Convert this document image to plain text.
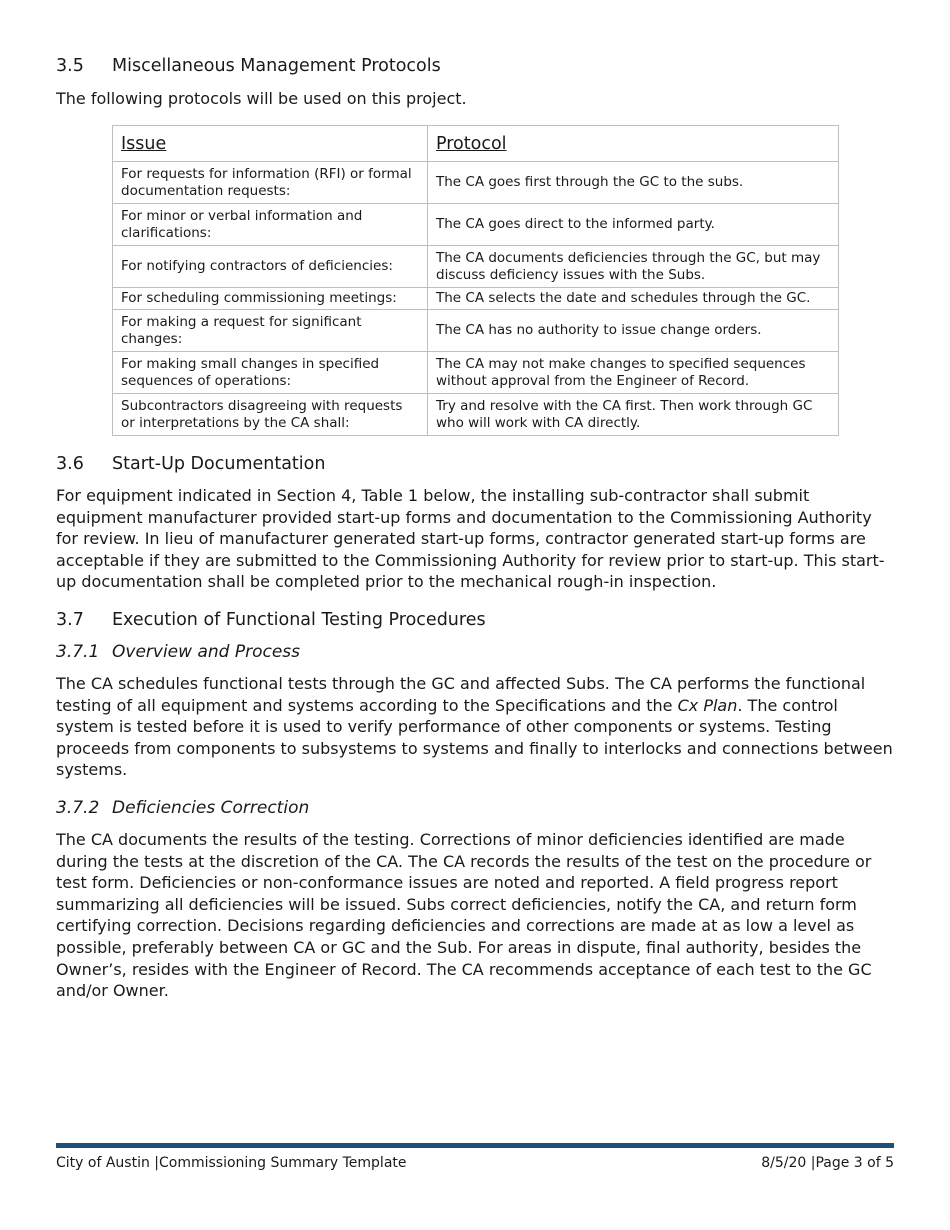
3.5 Miscellaneous Management Protocols
The following protocols will be used on this project.
Issue	Protocol
For requests for information (RFI) or formal documentation requests:	The CA goes first through the GC to the subs.
For minor or verbal information and clarifications:	The CA goes direct to the informed party.
For notifying contractors of deficiencies:	The CA documents deficiencies through the GC, but may discuss deficiency issues with the Subs.
For scheduling commissioning meetings:	The CA selects the date and schedules through the GC.
For making a request for significant changes:	The CA has no authority to issue change orders.
For making small changes in specified sequences of operations:	The CA may not make changes to specified sequences without approval from the Engineer of Record.
Subcontractors disagreeing with requests or interpretations by the CA shall:	Try and resolve with the CA first. Then work through GC who will work with CA directly.
3.6 Start-Up Documentation
For equipment indicated in Section 4, Table 1 below, the installing sub-contractor shall submit equipment manufacturer provided start-up forms and documentation to the Commissioning Authority for review. In lieu of manufacturer generated start-up forms, contractor generated start-up forms are acceptable if they are submitted to the Commissioning Authority for review prior to start-up. This start-up documentation shall be completed prior to the mechanical rough-in inspection.
3.7 Execution of Functional Testing Procedures
3.7.1 Overview and Process
The CA schedules functional tests through the GC and affected Subs. The CA performs the functional testing of all equipment and systems according to the Specifications and the Cx Plan. The control system is tested before it is used to verify performance of other components or systems. Testing proceeds from components to subsystems to systems and finally to interlocks and connections between systems.
3.7.2 Deficiencies Correction
The CA documents the results of the testing. Corrections of minor deficiencies identified are made during the tests at the discretion of the CA. The CA records the results of the test on the procedure or test form. Deficiencies or non-conformance issues are noted and reported. A field progress report summarizing all deficiencies will be issued. Subs correct deficiencies, notify the CA, and return form certifying correction. Decisions regarding deficiencies and corrections are made at as low a level as possible, preferably between CA or GC and the Sub. For areas in dispute, final authority, besides the Owner’s, resides with the Engineer of Record. The CA recommends acceptance of each test to the GC and/or Owner.
City of Austin |Commissioning Summary Template	8/5/20 |Page 3 of 5
